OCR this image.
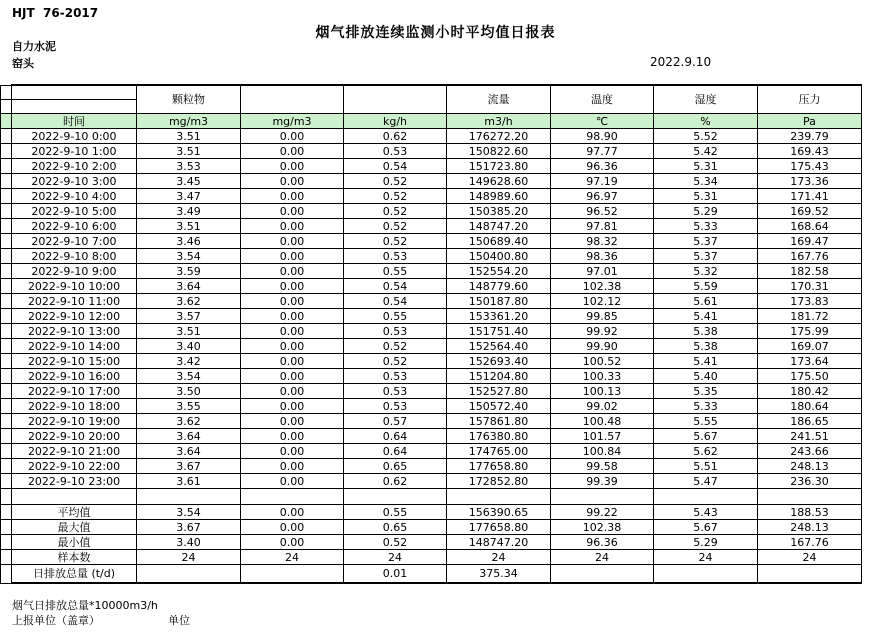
HJT  76-2017
烟气排放连续监测小时平均值日报表
自力水泥
窑头	2022.9.10
		颗粒物			流量	温度	湿度	压力

	时间	mg/m3	mg/m3	kg/h	m3/h	℃	%	Pa
	2022-9-10 0:00	3.51	0.00	0.62	176272.20	98.90	5.52	239.79
	2022-9-10 1:00	3.51	0.00	0.53	150822.60	97.77	5.42	169.43
	2022-9-10 2:00	3.53	0.00	0.54	151723.80	96.36	5.31	175.43
	2022-9-10 3:00	3.45	0.00	0.52	149628.60	97.19	5.34	173.36
	2022-9-10 4:00	3.47	0.00	0.52	148989.60	96.97	5.31	171.41
	2022-9-10 5:00	3.49	0.00	0.52	150385.20	96.52	5.29	169.52
	2022-9-10 6:00	3.51	0.00	0.52	148747.20	97.81	5.33	168.64
	2022-9-10 7:00	3.46	0.00	0.52	150689.40	98.32	5.37	169.47
	2022-9-10 8:00	3.54	0.00	0.53	150400.80	98.36	5.37	167.76
	2022-9-10 9:00	3.59	0.00	0.55	152554.20	97.01	5.32	182.58
	2022-9-10 10:00	3.64	0.00	0.54	148779.60	102.38	5.59	170.31
	2022-9-10 11:00	3.62	0.00	0.54	150187.80	102.12	5.61	173.83
	2022-9-10 12:00	3.57	0.00	0.55	153361.20	99.85	5.41	181.72
	2022-9-10 13:00	3.51	0.00	0.53	151751.40	99.92	5.38	175.99
	2022-9-10 14:00	3.40	0.00	0.52	152564.40	99.90	5.38	169.07
	2022-9-10 15:00	3.42	0.00	0.52	152693.40	100.52	5.41	173.64
	2022-9-10 16:00	3.54	0.00	0.53	151204.80	100.33	5.40	175.50
	2022-9-10 17:00	3.50	0.00	0.53	152527.80	100.13	5.35	180.42
	2022-9-10 18:00	3.55	0.00	0.53	150572.40	99.02	5.33	180.64
	2022-9-10 19:00	3.62	0.00	0.57	157861.80	100.48	5.55	186.65
	2022-9-10 20:00	3.64	0.00	0.64	176380.80	101.57	5.67	241.51
	2022-9-10 21:00	3.64	0.00	0.64	174765.00	100.84	5.62	243.66
	2022-9-10 22:00	3.67	0.00	0.65	177658.80	99.58	5.51	248.13
	2022-9-10 23:00	3.61	0.00	0.62	172852.80	99.39	5.47	236.30

	平均值	3.54	0.00	0.55	156390.65	99.22	5.43	188.53
	最大值	3.67	0.00	0.65	177658.80	102.38	5.67	248.13
	最小值	3.40	0.00	0.52	148747.20	96.36	5.29	167.76
	样本数	24	24	24	24	24	24	24
	日排放总量 (t/d)			0.01	375.34			
烟气日排放总量*10000m3/h
上报单位（盖章）	单位
